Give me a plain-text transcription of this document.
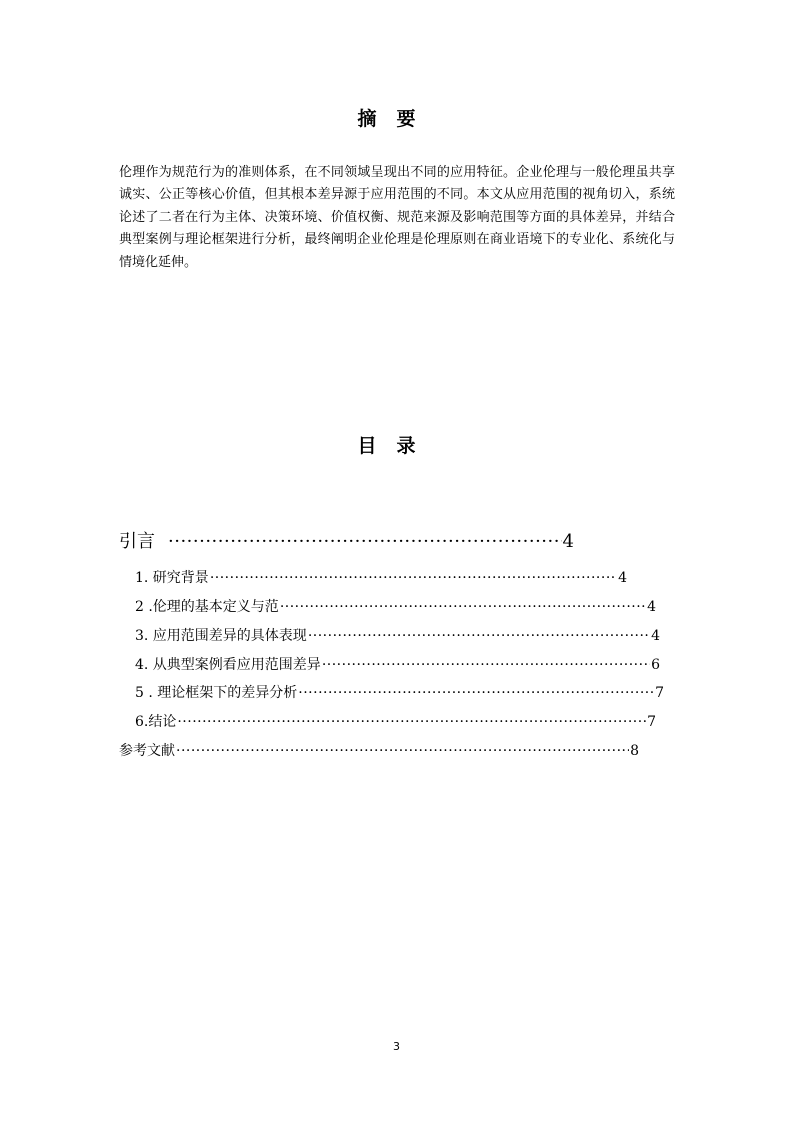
摘要
伦理作为规范行为的准则体系，在不同领域呈现出不同的应用特征。企业伦理与一般伦理虽共享诚实、公正等核心价值，但其根本差异源于应用范围的不同。本文从应用范围的视角切入，系统论述了二者在行为主体、决策环境、价值权衡、规范来源及影响范围等方面的具体差异，并结合典型案例与理论框架进行分析，最终阐明企业伦理是伦理原则在商业语境下的专业化、系统化与情境化延伸。
目录
引言 ·····	4
1. 研究背景 ·····	4
2 .伦理的基本定义与范 ·····	4
3. 应用范围差异的具体表现 ·····	4
4. 从典型案例看应用范围差异 ·····	6
5 . 理论框架下的差异分析 ·····	7
6.结论 ·····	7
参考文献 ·····	8
3
